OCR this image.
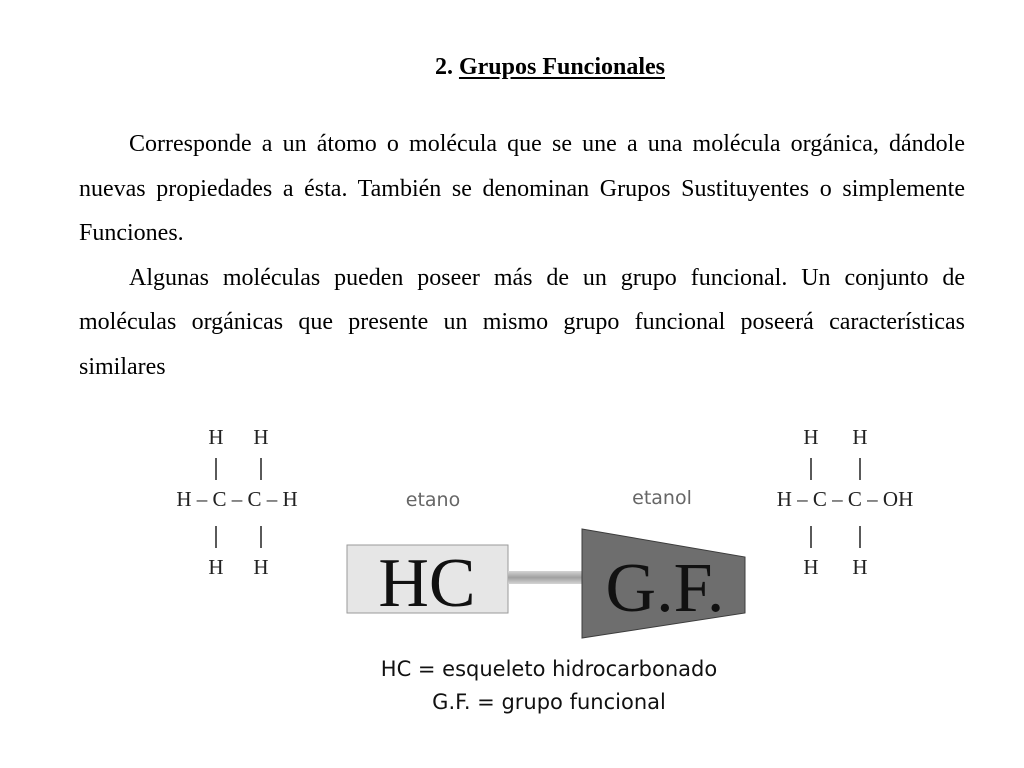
2. Grupos Funcionales

Corresponde a un átomo o molécula que se une a una molécula orgánica, dándole nuevas propiedades a ésta. También se denominan Grupos Sustituyentes o simplemente Funciones.

Algunas moléculas pueden poseer más de un grupo funcional. Un conjunto de moléculas orgánicas que presente un mismo grupo funcional poseerá características similares

H H
H – C – C – H
H H
etano	etanol
H H
H – C – C – OH
H H
HC G.F.
HC = esqueleto hidrocarbonado
G.F. = grupo funcional
